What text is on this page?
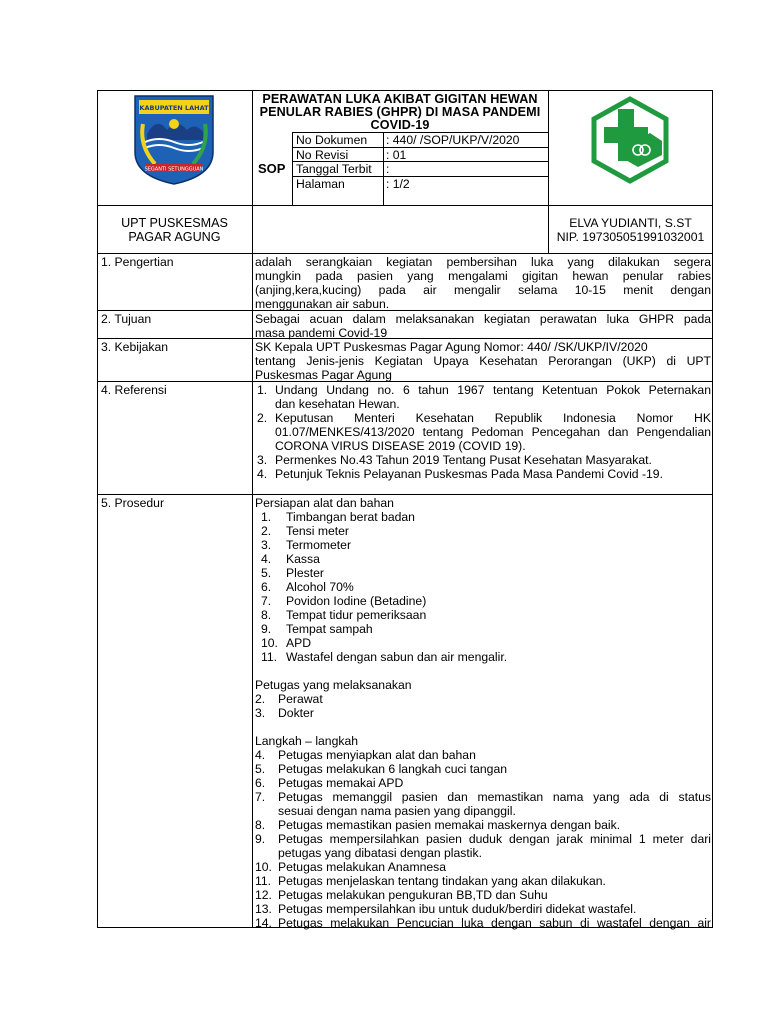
KABUPATEN LAHAT
SEGANTI SETUNGGUAN
PERAWATAN LUKA AKIBAT GIGITAN HEWAN
PENULAR RABIES (GHPR) DI MASA PANDEMI
COVID-19
SOP
No Dokumen : 440/ /SOP/UKP/V/2020
No Revisi	: 01
Tanggal Terbit :
Halaman	: 1/2
UPT PUSKESMAS
PAGAR AGUNG
ELVA YUDIANTI, S.ST
NIP. 197305051991032001
1. Pengertian	adalah serangkaian kegiatan pembersihan luka yang dilakukan segera
mungkin pada pasien yang mengalami gigitan hewan penular rabies
(anjing,kera,kucing) pada air mengalir selama 10-15 menit dengan
menggunakan air sabun.
2. Tujuan	Sebagai acuan dalam melaksanakan kegiatan perawatan luka GHPR pada
masa pandemi Covid-19
3. Kebijakan	SK Kepala UPT Puskesmas Pagar Agung Nomor: 440/ /SK/UKP/IV/2020
tentang Jenis-jenis Kegiatan Upaya Kesehatan Perorangan (UKP) di UPT
Puskesmas Pagar Agung
4. Referensi	1. Undang Undang no. 6 tahun 1967 tentang Ketentuan Pokok Peternakan
dan kesehatan Hewan.
2. Keputusan Menteri Kesehatan Republik Indonesia Nomor HK
01.07/MENKES/413/2020 tentang Pedoman Pencegahan dan Pengendalian
CORONA VIRUS DISEASE 2019 (COVID 19).
3. Permenkes No.43 Tahun 2019 Tentang Pusat Kesehatan Masyarakat.
4. Petunjuk Teknis Pelayanan Puskesmas Pada Masa Pandemi Covid -19.
5. Prosedur	Persiapan alat dan bahan
1. Timbangan berat badan
2. Tensi meter
3. Termometer
4. Kassa
5. Plester
6. Alcohol 70%
7. Povidon Iodine (Betadine)
8. Tempat tidur pemeriksaan
9. Tempat sampah
10. APD
11. Wastafel dengan sabun dan air mengalir.
Petugas yang melaksanakan
2. Perawat
3. Dokter
Langkah – langkah
4. Petugas menyiapkan alat dan bahan
5. Petugas melakukan 6 langkah cuci tangan
6. Petugas memakai APD
7. Petugas memanggil pasien dan memastikan nama yang ada di status
sesuai dengan nama pasien yang dipanggil.
8. Petugas memastikan pasien memakai maskernya dengan baik.
9. Petugas mempersilahkan pasien duduk dengan jarak minimal 1 meter dari
petugas yang dibatasi dengan plastik.
10. Petugas melakukan Anamnesa
11. Petugas menjelaskan tentang tindakan yang akan dilakukan.
12. Petugas melakukan pengukuran BB,TD dan Suhu
13. Petugas mempersilahkan ibu untuk duduk/berdiri didekat wastafel.
14. Petugas melakukan Pencucian luka dengan sabun di wastafel dengan air
